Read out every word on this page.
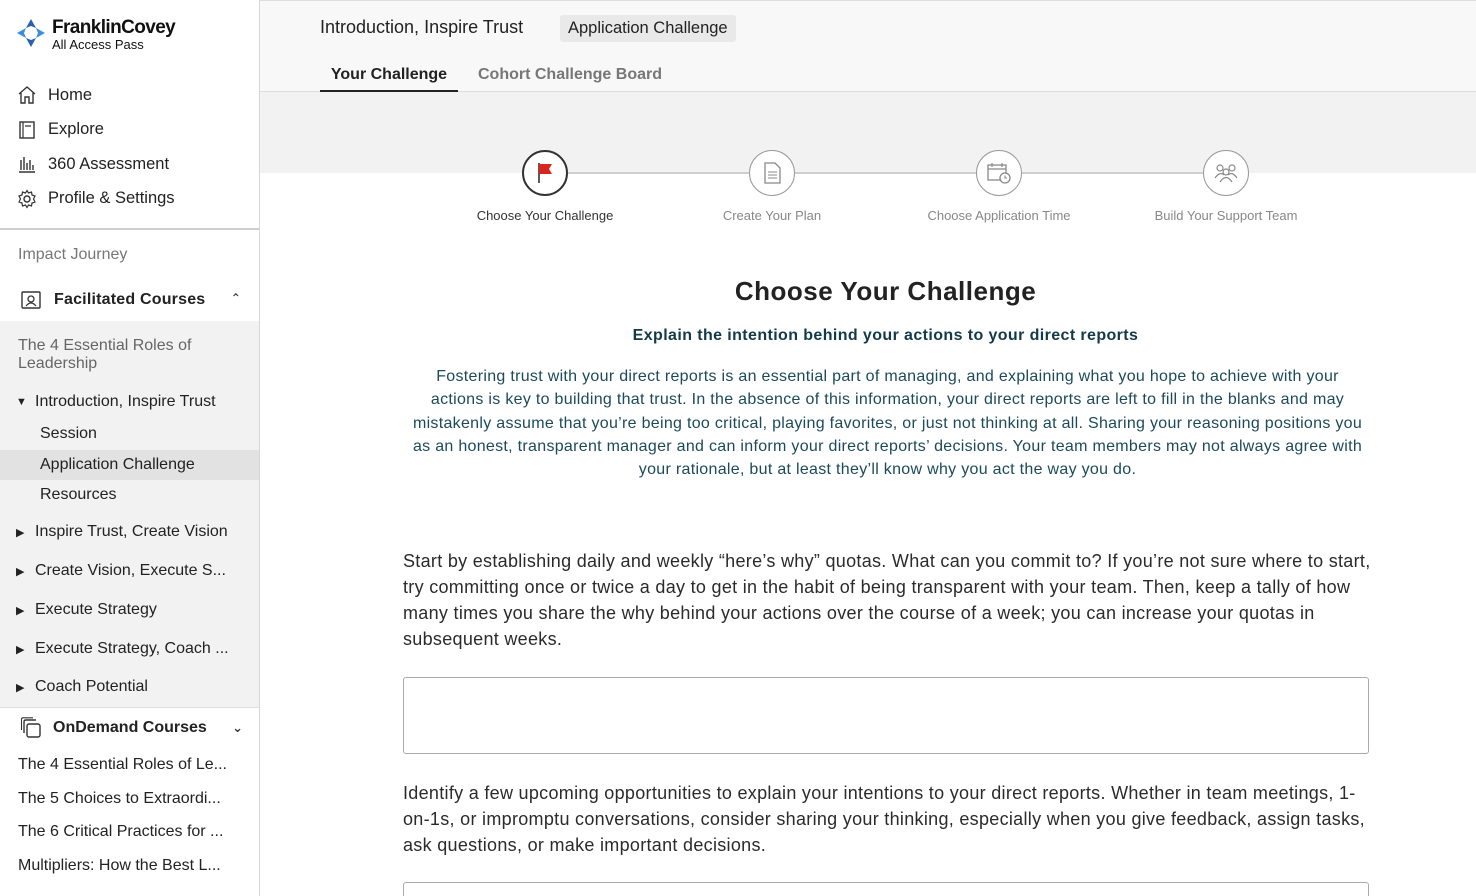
FranklinCovey
All Access Pass
Home
Explore
360 Assessment
Profile & Settings
Impact Journey
Facilitated Courses ⌃
The 4 Essential Roles of Leadership
▼ Introduction, Inspire Trust
Session
Application Challenge
Resources
▶ Inspire Trust, Create Vision
▶ Create Vision, Execute S...
▶ Execute Strategy
▶ Execute Strategy, Coach ...
▶ Coach Potential
OnDemand Courses ⌄
The 4 Essential Roles of Le...
The 5 Choices to Extraordi...
The 6 Critical Practices for ...
Multipliers: How the Best L...
Introduction, Inspire Trust	Application Challenge
Your Challenge	Cohort Challenge Board
Choose Your Challenge	Create Your Plan	Choose Application Time	Build Your Support Team
Choose Your Challenge
Explain the intention behind your actions to your direct reports

Fostering trust with your direct reports is an essential part of managing, and explaining what you hope to achieve with your actions is key to building that trust. In the absence of this information, your direct reports are left to fill in the blanks and may mistakenly assume that you’re being too critical, playing favorites, or just not thinking at all. Sharing your reasoning positions you as an honest, transparent manager and can inform your direct reports’ decisions. Your team members may not always agree with your rationale, but at least they’ll know why you act the way you do.

Start by establishing daily and weekly “here’s why” quotas. What can you commit to? If you’re not sure where to start, try committing once or twice a day to get in the habit of being transparent with your team. Then, keep a tally of how many times you share the why behind your actions over the course of a week; you can increase your quotas in subsequent weeks.

Identify a few upcoming opportunities to explain your intentions to your direct reports. Whether in team meetings, 1-on-1s, or impromptu conversations, consider sharing your thinking, especially when you give feedback, assign tasks, ask questions, or make important decisions.
